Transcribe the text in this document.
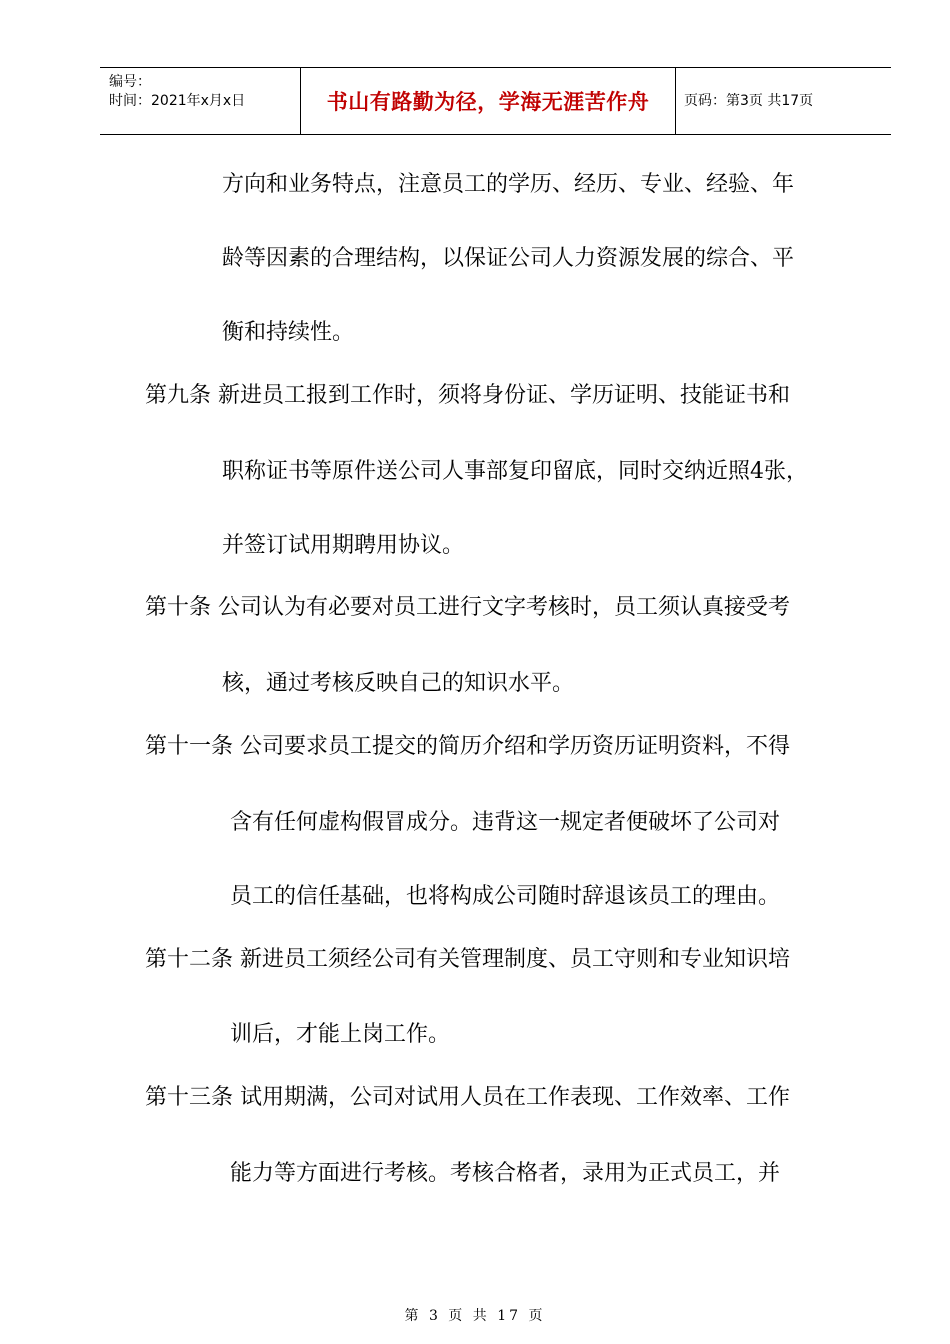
编号：
时间：2021年x月x日	书山有路勤为径，学海无涯苦作舟 页码：第3页 共17页
方向和业务特点，注意员工的学历、经历、专业、经验、年
龄等因素的合理结构，以保证公司人力资源发展的综合、平
衡和持续性。
第九条 新进员工报到工作时，须将身份证、学历证明、技能证书和
职称证书等原件送公司人事部复印留底，同时交纳近照4张，
并签订试用期聘用协议。
第十条 公司认为有必要对员工进行文字考核时，员工须认真接受考
核，通过考核反映自己的知识水平。
第十一条 公司要求员工提交的简历介绍和学历资历证明资料，不得
含有任何虚构假冒成分。违背这一规定者便破坏了公司对
员工的信任基础，也将构成公司随时辞退该员工的理由。
第十二条 新进员工须经公司有关管理制度、员工守则和专业知识培
训后，才能上岗工作。
第十三条 试用期满，公司对试用人员在工作表现、工作效率、工作
能力等方面进行考核。考核合格者，录用为正式员工，并
第 3 页 共 17 页
